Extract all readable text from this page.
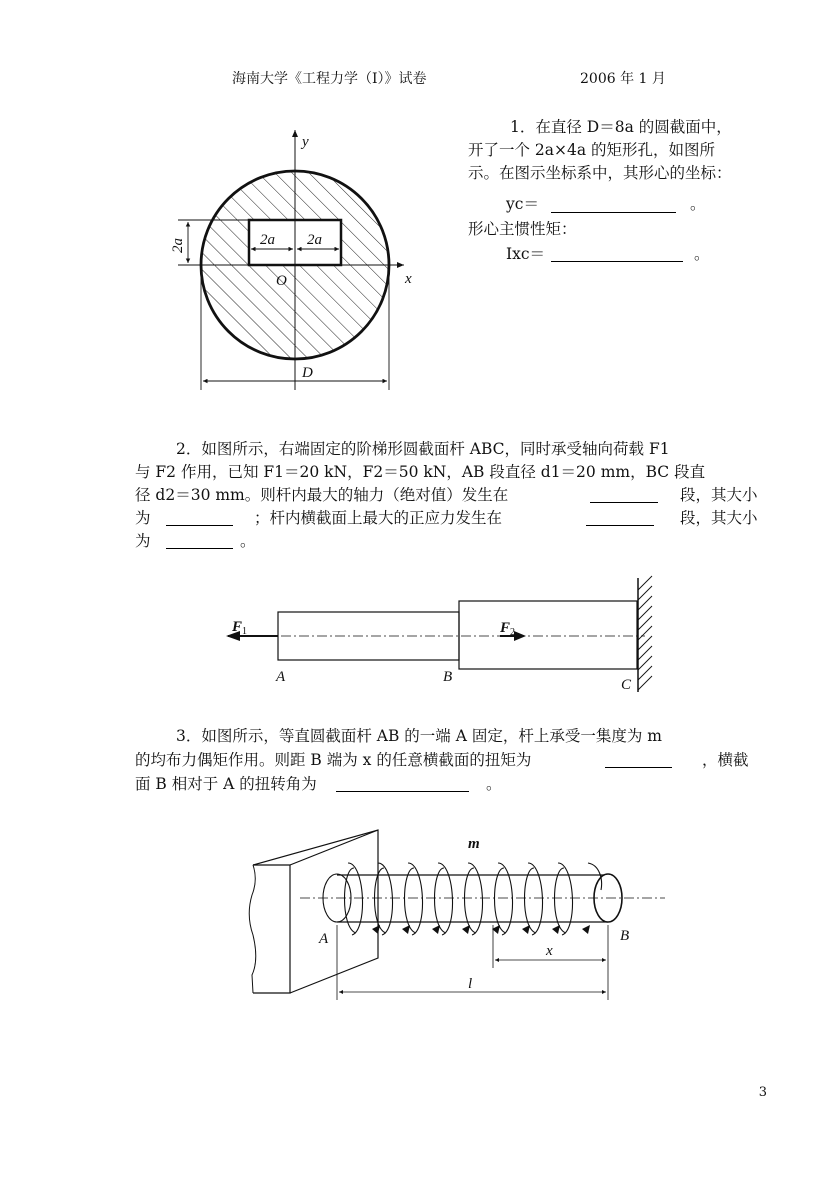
海南大学《工程力学（I）》试卷	2006 年 1 月
1．在直径 D＝8a 的圆截面中，
开了一个 2a×4a 的矩形孔，如图所
示。在图示坐标系中，其形心的坐标：
yc＝	。
形心主惯性矩：
Ixc＝	。
y
x
O
D
2a 2a
2a
2．如图所示，右端固定的阶梯形圆截面杆 ABC，同时承受轴向荷载 F1
与 F2 作用，已知 F1＝20 kN，F2＝50 kN，AB 段直径 d1＝20 mm，BC 段直
径 d2＝30 mm。则杆内最大的轴力（绝对值）发生在	段，其大小
为	；杆内横截面上最大的正应力发生在	段，其大小
为	。
$F_1$	$F_2$
A	B	C
3．如图所示，等直圆截面杆 AB 的一端 A 固定，杆上承受一集度为 m
的均布力偶矩作用。则距 B 端为 x 的任意横截面的扭矩为	，横截
面 B 相对于 A 的扭转角为	。
m
A	B
x
l
3
